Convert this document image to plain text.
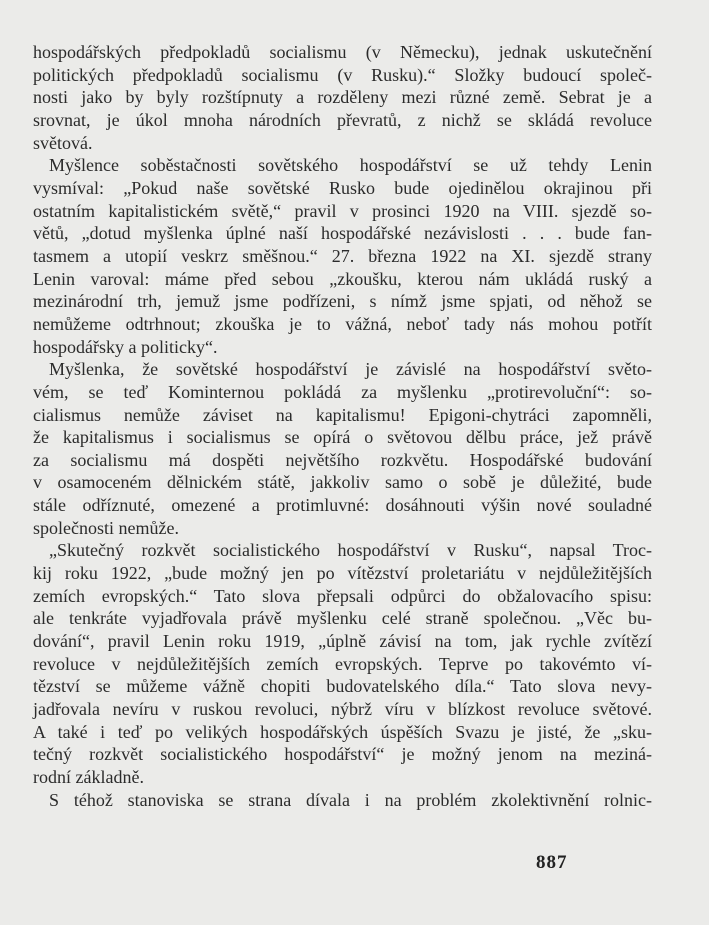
hospodářských předpokladů socialismu (v Německu), jednak uskutečnění
politických předpokladů socialismu (v Rusku).“ Složky budoucí společ-
nosti jako by byly rozštípnuty a rozděleny mezi různé země. Sebrat je a
srovnat, je úkol mnoha národních převratů, z nichž se skládá revoluce
světová.
Myšlence soběstačnosti sovětského hospodářství se už tehdy Lenin
vysmíval: „Pokud naše sovětské Rusko bude ojedinělou okrajinou při
ostatním kapitalistickém světě,“ pravil v prosinci 1920 na VIII. sjezdě so-
větů, „dotud myšlenka úplné naší hospodářské nezávislosti . . . bude fan-
tasmem a utopií veskrz směšnou.“ 27. března 1922 na XI. sjezdě strany
Lenin varoval: máme před sebou „zkoušku, kterou nám ukládá ruský a
mezinárodní trh, jemuž jsme podřízeni, s nímž jsme spjati, od něhož se
nemůžeme odtrhnout; zkouška je to vážná, neboť tady nás mohou potřít
hospodářsky a politicky“.
Myšlenka, že sovětské hospodářství je závislé na hospodářství světo-
vém, se teď Kominternou pokládá za myšlenku „protirevoluční“: so-
cialismus nemůže záviset na kapitalismu! Epigoni-chytráci zapomněli,
že kapitalismus i socialismus se opírá o světovou dělbu práce, jež právě
za socialismu má dospěti největšího rozkvětu. Hospodářské budování
v osamoceném dělnickém státě, jakkoliv samo o sobě je důležité, bude
stále odříznuté, omezené a protimluvné: dosáhnouti výšin nové souladné
společnosti nemůže.
„Skutečný rozkvět socialistického hospodářství v Rusku“, napsal Troc-
kij roku 1922, „bude možný jen po vítězství proletariátu v nejdůležitějších
zemích evropských.“ Tato slova přepsali odpůrci do obžalovacího spisu:
ale tenkráte vyjadřovala právě myšlenku celé straně společnou. „Věc bu-
dování“, pravil Lenin roku 1919, „úplně závisí na tom, jak rychle zvítězí
revoluce v nejdůležitějších zemích evropských. Teprve po takovémto ví-
tězství se můžeme vážně chopiti budovatelského díla.“ Tato slova nevy-
jadřovala nevíru v ruskou revoluci, nýbrž víru v blízkost revoluce světové.
A také i teď po velikých hospodářských úspěších Svazu je jisté, že „sku-
tečný rozkvět socialistického hospodářství“ je možný jenom na meziná-
rodní základně.
S téhož stanoviska se strana dívala i na problém zkolektivnění rolnic-
887
